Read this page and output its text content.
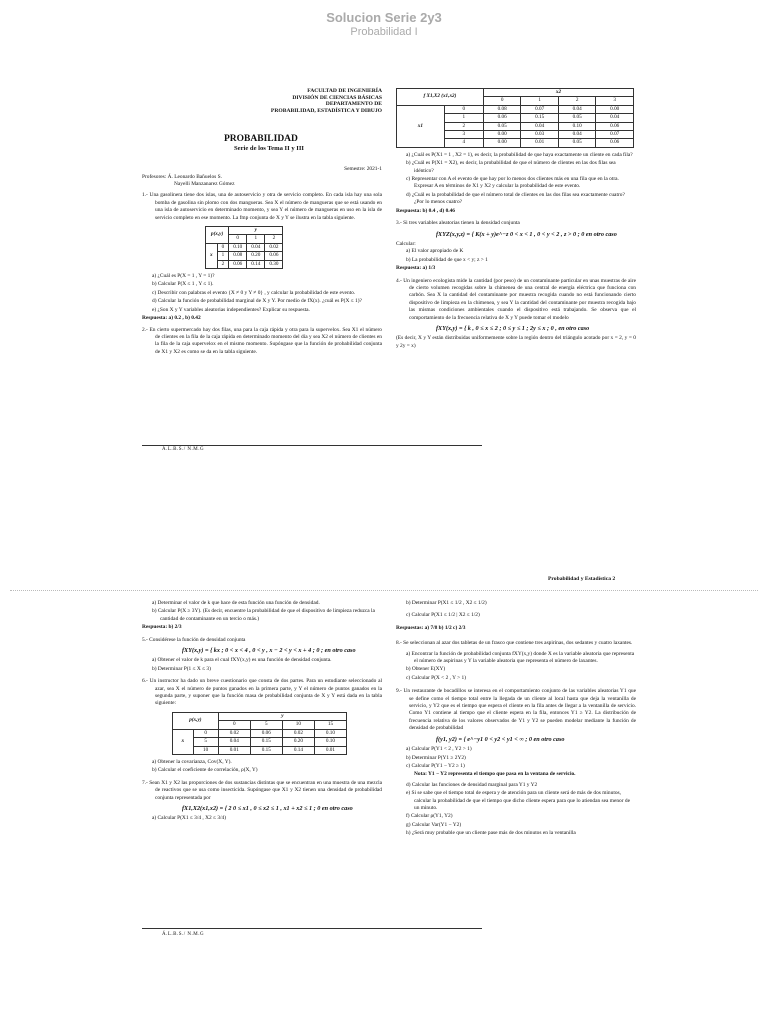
Solucion Serie 2y3
Probabilidad I
FACULTAD DE INGENIERÍA
DIVISIÓN DE CIENCIAS BÁSICAS
DEPARTAMENTO DE
PROBABILIDAD, ESTADÍSTICA Y DIBUJO
PROBABILIDAD
Serie de los Tema II y III
Semestre: 2021-1
Profesores: Á. Leonardo Bañuelos S.
Nayelli Manzanarez Gómez

1.- Una gasolinera tiene dos islas, una de autoservicio y otra de servicio completo. En cada isla hay una sola bomba de gasolina sin plomo con dos mangueras. Sea X el número de mangueras que se está usando en una isla de autoservicio en determinado momento, y sea Y el número de mangueras en uso en la isla de servicio completo en ese momento. La fmp conjunta de X y Y se ilustra en la tabla siguiente.

p(x,y)		y		
		0	1	2
x	0	0.10	0.04	0.02
	1	0.08	0.20	0.06
	2	0.06	0.14	0.30

a) ¿Cuál es P(X = 1 , Y = 1)?

b) Calcular P(X ≤ 1 , Y ≤ 1).

c) Describir con palabras el evento {X ≠ 0 y Y ≠ 0} , y calcular la probabilidad de este evento.

d) Calcular la función de probabilidad marginal de X y Y. Por medio de fX(x). ¿cuál es P(X ≤ 1)?

e) ¿Son X y Y variables aleatorias independientes? Explicar su respuesta.

Respuesta: a) 0.2 , b) 0.42

2.- En cierto supermercado hay dos filas, una para la caja rápida y otra para la supervelox. Sea X1 el número de clientes en la fila de la caja rápida en determinado momento del día y sea X2 el número de clientes en la fila de la caja supervelox en el mismo momento. Supóngase que la función de probabilidad conjunta de X1 y X2 es como se da en la tabla siguiente.

Á.L.B.S./ N.M.G
f X1,X2 (x1,x2)		x2			
		0	1	2	3
x1	0	0.08	0.07	0.04	0.00
	1	0.06	0.15	0.05	0.04
	2	0.05	0.04	0.10	0.06
	3	0.00	0.03	0.04	0.07
	4	0.00	0.01	0.05	0.06

a) ¿Cuál es P(X1 = 1 , X2 = 1), es decir, la probabilidad de que haya exactamente un cliente en cada fila?

b) ¿Cuál es P(X1 = X2), es decir, la probabilidad de que el número de clientes en las dos filas sea idéntico?

c) Representar con A el evento de que hay por lo menos dos clientes más en una fila que en la otra. Expresar A en términos de X1 y X2 y calcular la probabilidad de este evento.

d) ¿Cuál es la probabilidad de que el número total de clientes en las dos filas sea exactamente cuatro? ¿Por lo menos cuatro?

Respuesta: b) 0.4 , d) 0.46

3.- Si tres variables aleatorias tienen la densidad conjunta

fXYZ(x,y,z) = { K(x + y)e^−z 0 < x < 1 , 0 < y < 2 , z > 0 ; 0 en otro caso

Calcular:

a) El valor apropiado de K

b) La probabilidad de que x < y; z > 1

Respuesta: a) 1/3

4.- Un ingeniero ecologista mide la cantidad (por peso) de un contaminante particular en unas muestras de aire de cierto volumen recogidas sobre la chimenea de una central de energía eléctrica que funciona con carbón. Sea X la cantidad del contaminante por muestra recogida cuando no está funcionando cierto dispositivo de limpieza en la chimenea, y sea Y la cantidad del contaminante por muestra recogida bajo las mismas condiciones ambientales cuando el dispositivo está trabajando. Se observa que el comportamiento de la frecuencia relativa de X y Y puede tomar el modelo

fXY(x,y) = { k , 0 ≤ x ≤ 2 ; 0 ≤ y ≤ 1 ; 2y ≤ x ; 0 , en otro caso

(Es decir, X y Y están distribuidas uniformemente sobre la región dentro del triángulo acotado por x = 2, y = 0 y 2y = x)

Probabilidad y Estadística 2

a) Determinar el valor de k que hace de esta función una función de densidad.

b) Calcular P(X ≥ 3Y). (Es decir, encuentre la probabilidad de que el dispositivo de limpieza reduzca la cantidad de contaminante en un tercio o más.)

Respuesta: b) 2/3

5.- Considérese la función de densidad conjunta

fXY(x,y) = { kx ; 0 < x < 4 , 0 < y , x − 2 < y < x + 4 ; 0 ; en otro caso

a) Obtener el valor de k para el cual fXY(x,y) es una función de densidad conjunta.

b) Determinar P(1 ≤ X ≤ 3)

6.- Un instructor ha dado un breve cuestionario que consta de dos partes. Para un estudiante seleccionado al azar, sea X el número de puntos ganados en la primera parte, y Y el número de puntos ganados en la segunda parte, y suponer que la función masa de probabilidad conjunta de X y Y está dada en la tabla siguiente:

p(x,y)		y			
		0	5	10	15
x	0	0.02	0.06	0.02	0.10
	5	0.04	0.15	0.20	0.10
	10	0.01	0.15	0.14	0.01

a) Obtener la covarianza, Cov(X, Y).

b) Calcular el coeficiente de correlación, ρ(X, Y)

7.- Sean X1 y X2 las proporciones de dos sustancias distintas que se encuentran en una muestra de una mezcla de reactivos que se usa como insecticida. Supóngase que X1 y X2 tienen una densidad de probabilidad conjunta representada por

fX1,X2(x1,x2) = { 2 0 ≤ x1 , 0 ≤ x2 ≤ 1 , x1 + x2 ≤ 1 ; 0 en otro caso

a) Calcular P(X1 ≤ 3/4 , X2 ≤ 3/4)

Á.L.B.S./ N.M.G

b) Determinar P(X1 ≤ 1/2 , X2 ≤ 1/2)

c) Calcular P(X1 ≤ 1/2 | X2 ≤ 1/2)

Respuestas: a) 7/8 b) 1/2 c) 2/3

8.- Se seleccionan al azar dos tabletas de un frasco que contiene tres aspirinas, dos sedantes y cuatro laxantes.

a) Encontrar la función de probabilidad conjunta fXY(x,y) donde X es la variable aleatoria que representa el número de aspirinas y Y la variable aleatoria que representa el número de laxantes.

b) Obtener E(XY)

c) Calcular P(X < 2 , Y > 1)

9.- Un restaurante de bocadillos se interesa en el comportamiento conjunto de las variables aleatorias Y1 que se define como el tiempo total entre la llegada de un cliente al local hasta que deja la ventanilla de servicio, y Y2 que es el tiempo que espera el cliente en la fila antes de llegar a la ventanilla de servicio. Como Y1 contiene al tiempo que el cliente espera en la fila, entonces Y1 ≥ Y2. La distribución de frecuencia relativa de los valores observados de Y1 y Y2 se pueden modelar mediante la función de densidad de probabilidad

f(y1, y2) = { e^−y1 0 < y2 < y1 < ∞ ; 0 en otro caso

a) Calcular P(Y1 < 2 , Y2 > 1)

b) Determinar P(Y1 ≥ 2Y2)

c) Calcular P(Y1 − Y2 ≥ 1)

Nota: Y1 − Y2 representa el tiempo que pasa en la ventana de servicio.

d) Calcular las funciones de densidad marginal para Y1 y Y2

e) Si se sabe que el tiempo total de espera y de atención para un cliente será de más de dos minutos, calcular la probabilidad de que el tiempo que dicho cliente espera para que lo atiendan sea menor de un minuto.

f) Calcular ρ(Y1, Y2)

g) Calcular Var(Y1 − Y2)

h) ¿Será muy probable que un cliente pase más de dos minutos en la ventanilla
